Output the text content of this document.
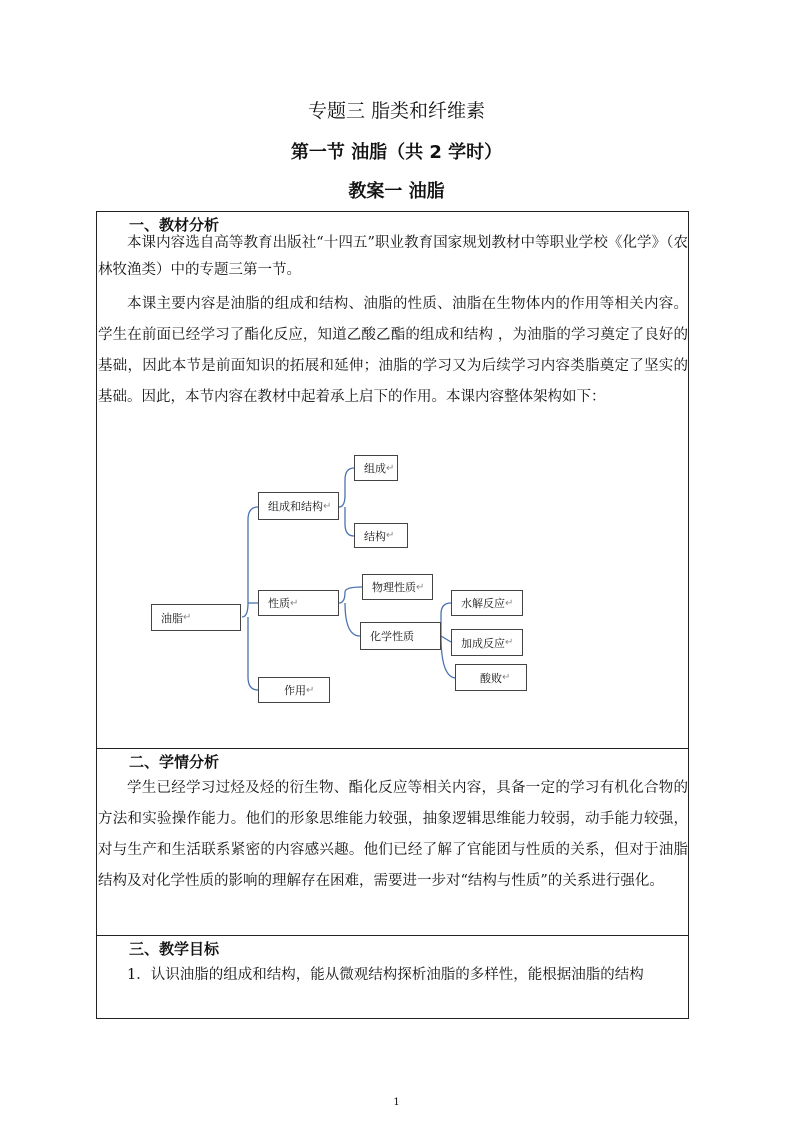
专题三 脂类和纤维素
第一节 油脂（共 2 学时）
教案一 油脂
一、教材分析

本课内容选自高等教育出版社“十四五”职业教育国家规划教材中等职业学校《化学》（农林牧渔类）中的专题三第一节。

本课主要内容是油脂的组成和结构、油脂的性质、油脂在生物体内的作用等相关内容。学生在前面已经学习了酯化反应，知道乙酸乙酯的组成和结构 ，为油脂的学习奠定了良好的基础，因此本节是前面知识的拓展和延伸；油脂的学习又为后续学习内容类脂奠定了坚实的基础。因此，本节内容在教材中起着承上启下的作用。本课内容整体架构如下：

油脂 ↵
组成和结构 ↵
组成 ↵
结构 ↵
性质 ↵
物理性质 ↵
化学性质
水解反应 ↵
加成反应 ↵
酸败 ↵
作用 ↵
二、学情分析

学生已经学习过烃及烃的衍生物、酯化反应等相关内容，具备一定的学习有机化合物的方法和实验操作能力。他们的形象思维能力较强，抽象逻辑思维能力较弱，动手能力较强，对与生产和生活联系紧密的内容感兴趣。他们已经了解了官能团与性质的关系，但对于油脂结构及对化学性质的影响的理解存在困难，需要进一步对“结构与性质”的关系进行强化。

三、教学目标

1．认识油脂的组成和结构，能从微观结构探析油脂的多样性，能根据油脂的结构

1
